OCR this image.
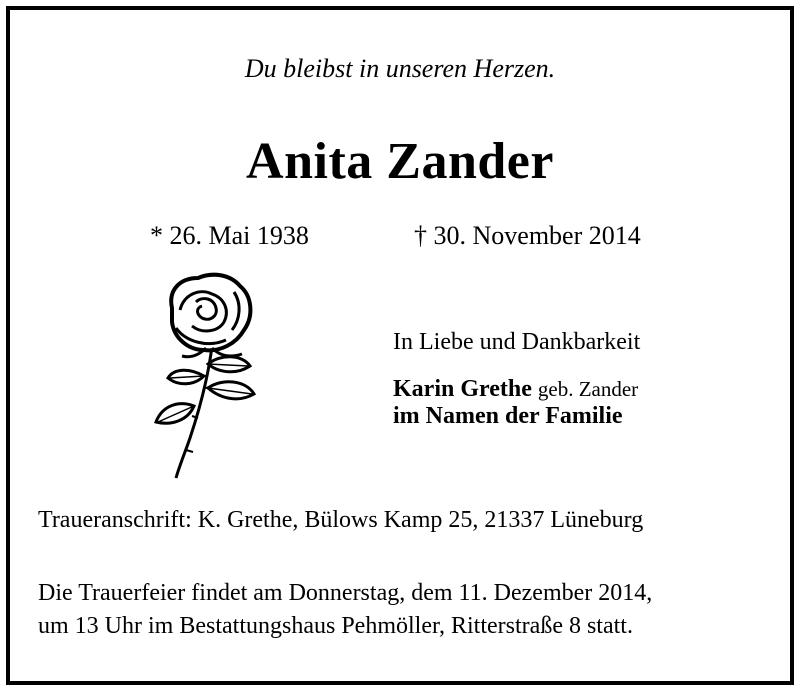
Du bleibst in unseren Herzen.
Anita Zander
* 26. Mai 1938	† 30. November 2014
In Liebe und Dankbarkeit
Karin Grethe geb. Zander
im Namen der Familie
Traueranschrift: K. Grethe, Bülows Kamp 25, 21337 Lüneburg
Die Trauerfeier findet am Donnerstag, dem 11. Dezember 2014,
um 13 Uhr im Bestattungshaus Pehmöller, Ritterstraße 8 statt.
